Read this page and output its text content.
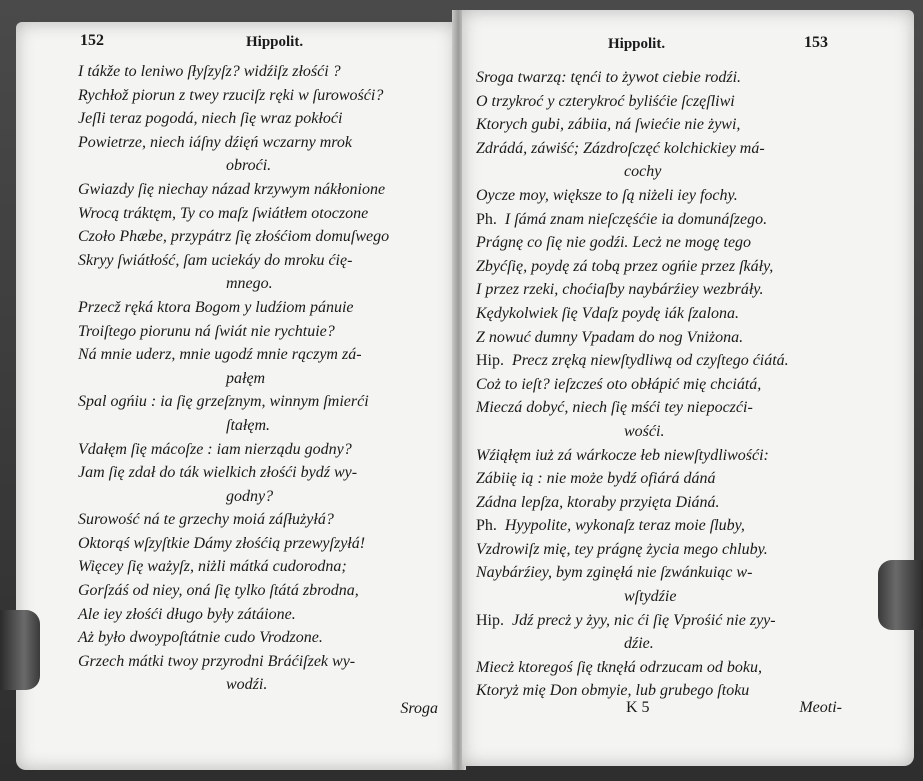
152	Hippolit.
I tákže to leniwo ſłyſzyſz? widźiſz złośći ?
Rychłož piorun z twey rzuciſz ręki w ſurowośći?
Jeſli teraz pogodá, niech ſię wraz pokłoći
Powietrze, niech iáſny dźięń wczarny mrok
obroći.
Gwiazdy ſię niechay názad krzywym nákłonione
Wrocą tráktęm, Ty co maſz ſwiátłem otoczone
Czoło Phæbe, przypátrz ſię złośćiom domuſwego
Skryy ſwiátłość, ſam uciekáy do mroku ćię-
mnego.
Przecž ręká ktora Bogom y ludźiom pánuie
Troiſtego piorunu ná ſwiát nie rychtuie?
Ná mnie uderz, mnie ugodź mnie rączym zá-
pałęm
Spal ogńiu : ia ſię grzeſznym, winnym ſmierći
ſtałęm.
Vdałęm ſię mácoſze : iam nierządu godny?
Jam ſię zdał do ták wielkich złośći bydź wy-
godny?
Surowość ná te grzechy moiá záſłużyłá?
Oktorąś wſzyſtkie Dámy złośćią przewyſzyłá!
Więcey ſię ważyſz, niżli mátká cudorodna;
Gorſzáś od niey, oná ſię tylko ſtátá zbrodna,
Ale iey złośći długo były zátáione.
Aż było dwoypoſtátnie cudo Vrodzone.
Grzech mátki twoy przyrodni Bráćiſzek wy-
wodźi.
Sroga
Hippolit.	153
Sroga twarzą: tęnći to żywot ciebie rodźi.
O trzykroć y czterykroć byliśćie ſczęſliwi
Ktorych gubi, zábiia, ná ſwiećie nie żywi,
Zdrádá, záwiść; Zázdroſczęć kolchickiey má-
cochy
Oycze moy, większe to ſą niżeli iey fochy.
Ph. I ſámá znam nieſczęśćie ia domunáſzego.
Prágnę co ſię nie godźi. Lecż ne mogę tego
Zbyćſię, poydę zá tobą przez ogńie przez ſkáły,
I przez rzeki, choćiaſby naybárźiey wezbráły.
Kędykolwiek ſię Vdaſz poydę iák ſzalona.
Z nowuć dumny Vpadam do nog Vniżona.
Hip. Precz zręką niewſtydliwą od czyſtego ćiátá.
Coż to ieſt? ieſzcześ oto obłápić mię chciátá,
Mieczá dobyć, niech ſię mśći tey niepoczći-
wośći.
Wźiąłęm iuż zá wárkocze łeb niewſtydliwośći:
Zábiię ią : nie może bydź ofiárá dáná
Zádna lepſza, ktoraby przyięta Diáná.
Ph. Hyypolite, wykonaſz teraz moie ſluby,
Vzdrowiſz mię, tey prágnę życia mego chluby.
Naybárźiey, bym zginęłá nie ſzwánkuiąc w-
wſtydźie
Hip. Jdź precż y żyy, nic ći ſię Vprośić nie zyy-
dźie.
Miecż ktoregoś ſię tknęłá odrzucam od boku,
Ktoryż mię Don obmyie, lub grubego ſtoku
K 5	Meoti-
